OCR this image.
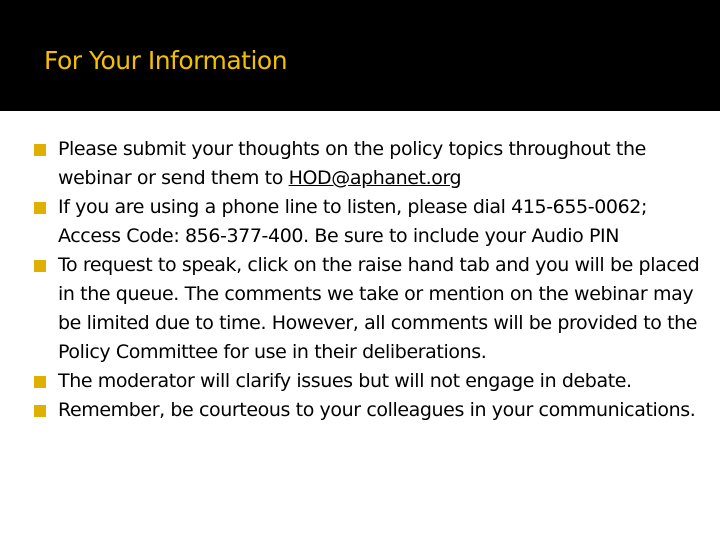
For Your Information
Please submit your thoughts on the policy topics throughout the webinar or send them to HOD@aphanet.org
If you are using a phone line to listen, please dial 415-655-0062; Access Code: 856-377-400. Be sure to include your Audio PIN
To request to speak, click on the raise hand tab and you will be placed in the queue. The comments we take or mention on the webinar may be limited due to time. However, all comments will be provided to the Policy Committee for use in their deliberations.
The moderator will clarify issues but will not engage in debate.
Remember, be courteous to your colleagues in your communications.
